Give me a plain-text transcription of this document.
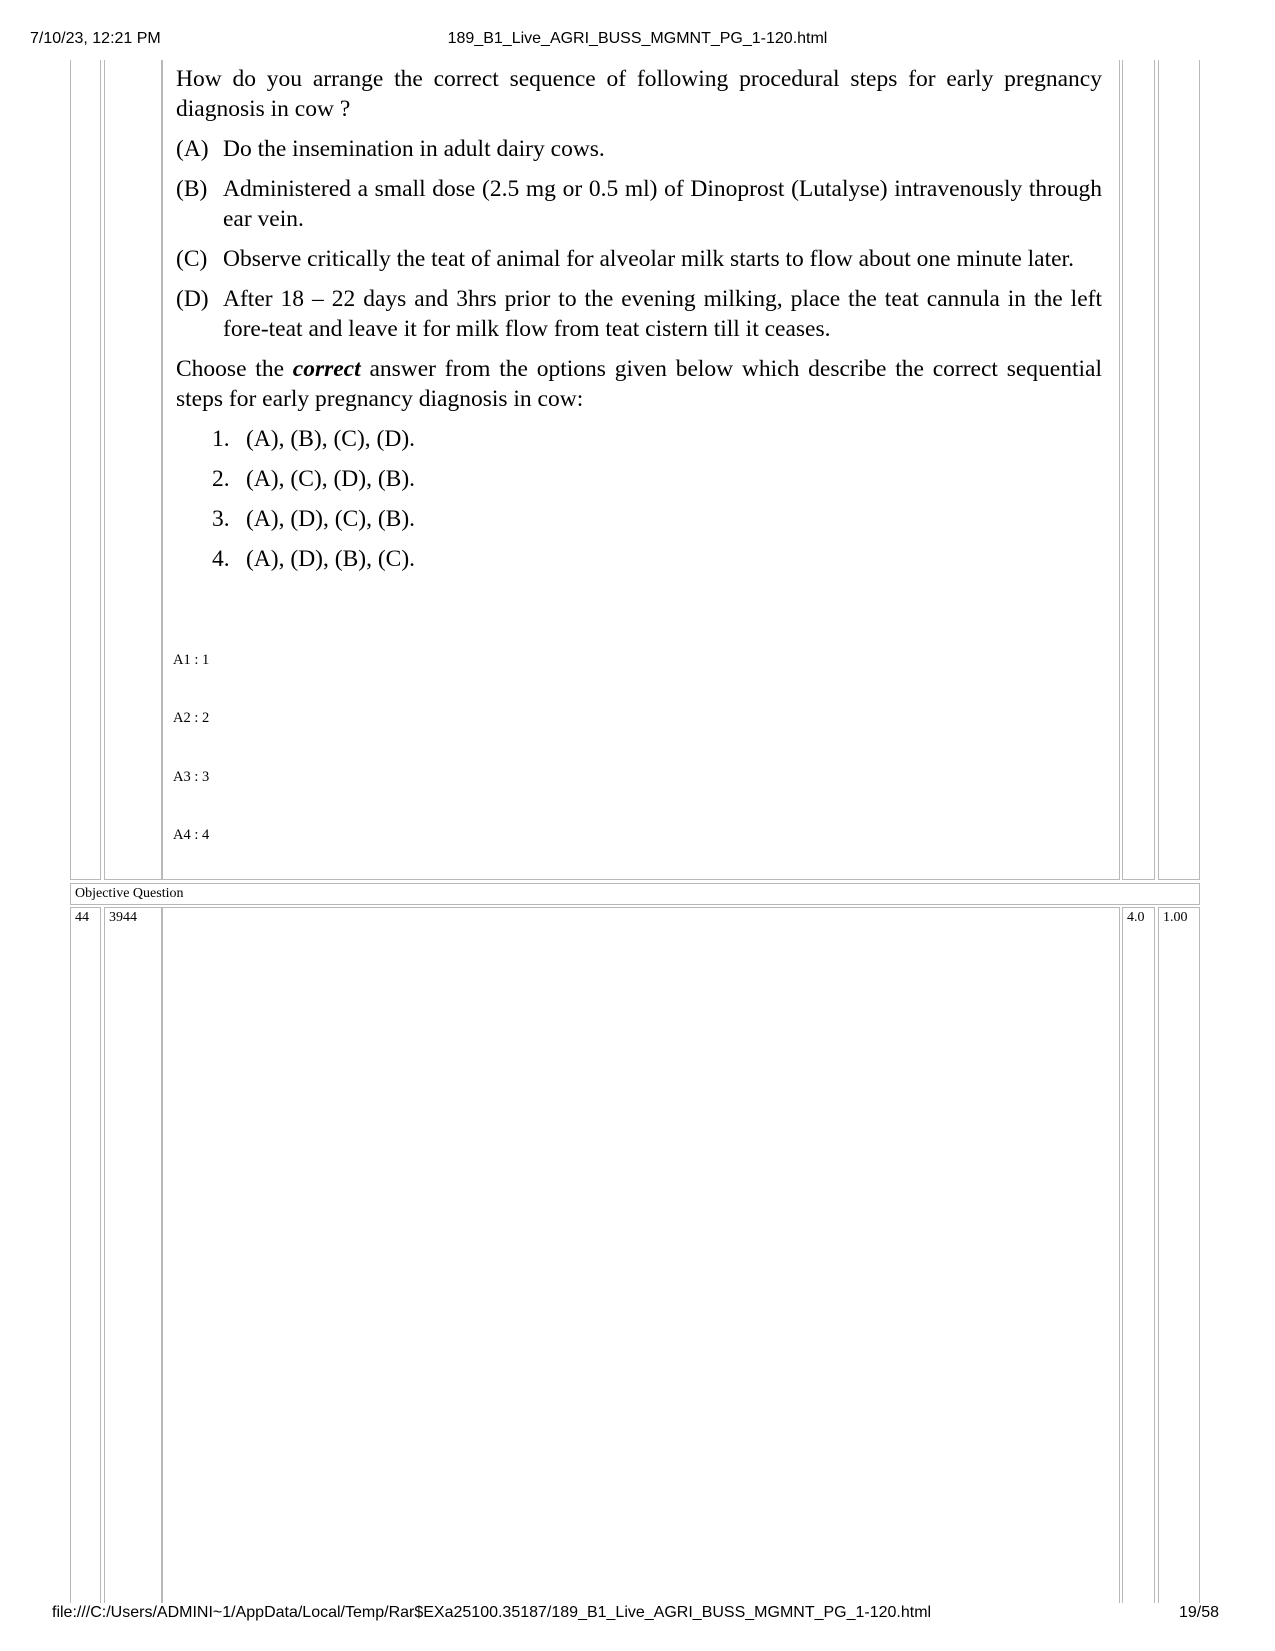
7/10/23, 12:21 PM	189_B1_Live_AGRI_BUSS_MGMNT_PG_1-120.html

How do you arrange the correct sequence of following procedural steps for early pregnancy diagnosis in cow ?

(A) Do the insemination in adult dairy cows.
(B) Administered a small dose (2.5 mg or 0.5 ml) of Dinoprost (Lutalyse) intravenously through ear vein.
(C) Observe critically the teat of animal for alveolar milk starts to flow about one minute later.
(D) After 18 – 22 days and 3hrs prior to the evening milking, place the teat cannula in the left fore-teat and leave it for milk flow from teat cistern till it ceases.

Choose the correct answer from the options given below which describe the correct sequential steps for early pregnancy diagnosis in cow:

1. (A), (B), (C), (D).
2. (A), (C), (D), (B).
3. (A), (D), (C), (B).
4. (A), (D), (B), (C).
A1 : 1
A2 : 2
A3 : 3
A4 : 4
Objective Question
44	3944	4.0	1.00
file:///C:/Users/ADMINI~1/AppData/Local/Temp/Rar$EXa25100.35187/189_B1_Live_AGRI_BUSS_MGMNT_PG_1-120.html	19/58
